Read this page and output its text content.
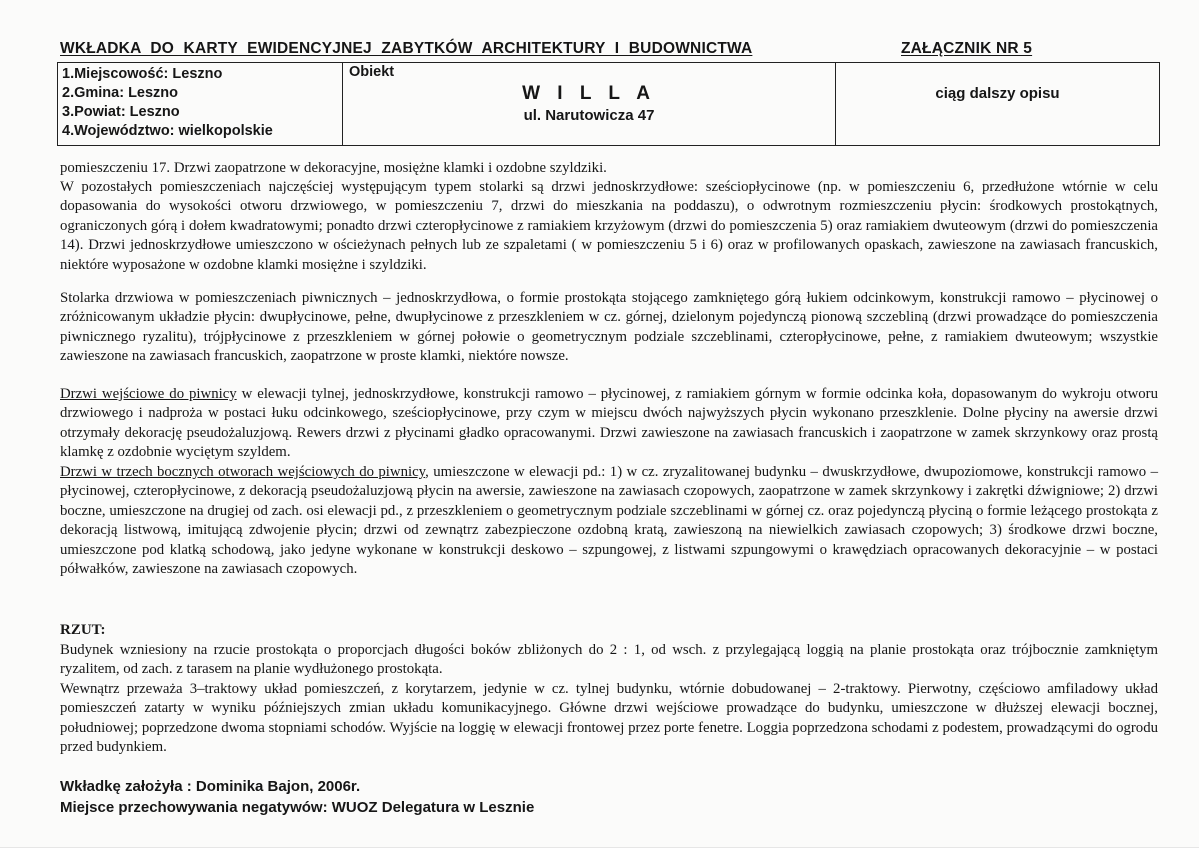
WKŁADKA DO KARTY EWIDENCYJNEJ ZABYTKÓW ARCHITEKTURY I BUDOWNICTWA	ZAŁĄCZNIK NR 5
1.Miejscowość: Leszno
2.Gmina: Leszno
3.Powiat: Leszno
4.Województwo: wielkopolskie

Obiekt
W I L L A
ul. Narutowicza 47

ciąg dalszy opisu
pomieszczeniu 17. Drzwi zaopatrzone w dekoracyjne, mosiężne klamki i ozdobne szyldziki.
W pozostałych pomieszczeniach najczęściej występującym typem stolarki są drzwi jednoskrzydłowe: sześciopłycinowe (np. w pomieszczeniu 6, przedłużone wtórnie w celu dopasowania do wysokości otworu drzwiowego, w pomieszczeniu 7, drzwi do mieszkania na poddaszu), o odwrotnym rozmieszczeniu płycin: środkowych prostokątnych, ograniczonych górą i dołem kwadratowymi; ponadto drzwi czteropłycinowe z ramiakiem krzyżowym (drzwi do pomieszczenia 5) oraz ramiakiem dwuteowym (drzwi do pomieszczenia 14). Drzwi jednoskrzydłowe umieszczono w ościeżynach pełnych lub ze szpaletami ( w pomieszczeniu 5 i 6) oraz w profilowanych opaskach, zawieszone na zawiasach francuskich, niektóre wyposażone w ozdobne klamki mosiężne i szyldziki.
Stolarka drzwiowa w pomieszczeniach piwnicznych – jednoskrzydłowa, o formie prostokąta stojącego zamkniętego górą łukiem odcinkowym, konstrukcji ramowo – płycinowej o zróżnicowanym układzie płycin: dwupłycinowe, pełne, dwupłycinowe z przeszkleniem w cz. górnej, dzielonym pojedynczą pionową szczebliną (drzwi prowadzące do pomieszczenia piwnicznego ryzalitu), trójpłycinowe z przeszkleniem w górnej połowie o geometrycznym podziale szczeblinami, czteropłycinowe, pełne, z ramiakiem dwuteowym; wszystkie zawieszone na zawiasach francuskich, zaopatrzone w proste klamki, niektóre nowsze.
Drzwi wejściowe do piwnicy w elewacji tylnej, jednoskrzydłowe, konstrukcji ramowo – płycinowej, z ramiakiem górnym w formie odcinka koła, dopasowanym do wykroju otworu drzwiowego i nadproża w postaci łuku odcinkowego, sześciopłycinowe, przy czym w miejscu dwóch najwyższych płycin wykonano przeszklenie. Dolne płyciny na awersie drzwi otrzymały dekorację pseudożaluzjową. Rewers drzwi z płycinami gładko opracowanymi. Drzwi zawieszone na zawiasach francuskich i zaopatrzone w zamek skrzynkowy oraz prostą klamkę z ozdobnie wyciętym szyldem.
Drzwi w trzech bocznych otworach wejściowych do piwnicy, umieszczone w elewacji pd.: 1) w cz. zryzalitowanej budynku – dwuskrzydłowe, dwupoziomowe, konstrukcji ramowo – płycinowej, czteropłycinowe, z dekoracją pseudożaluzjową płycin na awersie, zawieszone na zawiasach czopowych, zaopatrzone w zamek skrzynkowy i zakrętki dźwigniowe; 2) drzwi boczne, umieszczone na drugiej od zach. osi elewacji pd., z przeszkleniem o geometrycznym podziale szczeblinami w górnej cz. oraz pojedynczą płyciną o formie leżącego prostokąta z dekoracją listwową, imitującą zdwojenie płycin; drzwi od zewnątrz zabezpieczone ozdobną kratą, zawieszoną na niewielkich zawiasach czopowych; 3) środkowe drzwi boczne, umieszczone pod klatką schodową, jako jedyne wykonane w konstrukcji deskowo – szpungowej, z listwami szpungowymi o krawędziach opracowanych dekoracyjnie – w postaci półwałków, zawieszone na zawiasach czopowych.
RZUT:
Budynek wzniesiony na rzucie prostokąta o proporcjach długości boków zbliżonych do 2 : 1, od wsch. z przylegającą loggią na planie prostokąta oraz trójbocznie zamkniętym ryzalitem, od zach. z tarasem na planie wydłużonego prostokąta.
Wewnątrz przeważa 3–traktowy układ pomieszczeń, z korytarzem, jedynie w cz. tylnej budynku, wtórnie dobudowanej – 2-traktowy. Pierwotny, częściowo amfiladowy układ pomieszczeń zatarty w wyniku późniejszych zmian układu komunikacyjnego. Główne drzwi wejściowe prowadzące do budynku, umieszczone w dłuższej elewacji bocznej, południowej; poprzedzone dwoma stopniami schodów. Wyjście na loggię w elewacji frontowej przez porte fenetre. Loggia poprzedzona schodami z podestem, prowadzącymi do ogrodu przed budynkiem.
Wkładkę założyła : Dominika Bajon, 2006r.
Miejsce przechowywania negatywów: WUOZ Delegatura w Lesznie
